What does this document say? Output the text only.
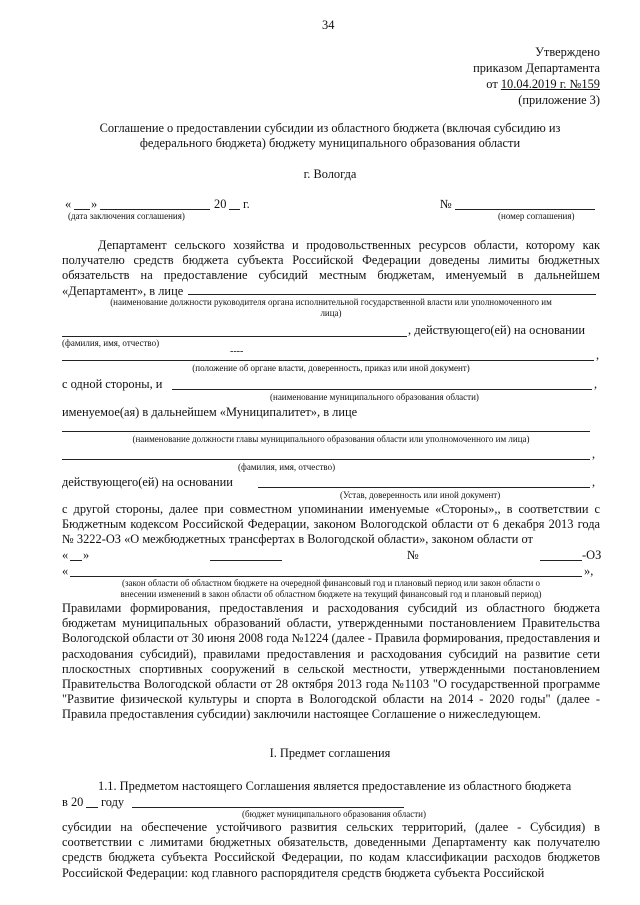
34
Утверждено
приказом Департамента
от 10.04.2019 г. №159
(приложение 3)
Соглашение о предоставлении субсидии из областного бюджета (включая субсидию из
федерального бюджета) бюджету муниципального образования области
г. Вологда
« »	20 г.	№
(дата заключения соглашения)	(номер соглашения)
Департамент сельского хозяйства и продовольственных ресурсов области, которому как получателю средств бюджета субъекта Российской Федерации доведены лимиты бюджетных обязательств на предоставление субсидий местным бюджетам, именуемый в дальнейшем «Департамент», в лице
(наименование должности руководителя органа исполнительной государственной власти или уполномоченного им
лица)
, действующего(ей) на основании
(фамилия, имя, отчество)
----	,
(положение об органе власти, доверенность, приказ или иной документ)
с одной стороны, и	,
(наименование муниципального образования области)
именуемое(ая) в дальнейшем «Муниципалитет», в лице
(наименование должности главы муниципального образования области или уполномоченного им лица)
,
(фамилия, имя, отчество)
действующего(ей) на основании	,
(Устав, доверенность или иной документ)
с другой стороны, далее при совместном упоминании именуемые «Стороны»,, в соответствии с Бюджетным кодексом Российской Федерации, законом Вологодской области от 6 декабря 2013 года № 3222-ОЗ «О межбюджетных трансфертах в Вологодской области», законом области от
« »	№	-ОЗ
«	»,
(закон области об областном бюджете на очередной финансовый год и плановый период или закон области о
внесении изменений в закон области об областном бюджете на текущий финансовый год и плановый период)
Правилами формирования, предоставления и расходования субсидий из областного бюджета бюджетам муниципальных образований области, утвержденными постановлением Правительства Вологодской области от 30 июня 2008 года №1224 (далее - Правила формирования, предоставления и расходования субсидий), правилами предоставления и расходования субсидий на развитие сети плоскостных спортивных сооружений в сельской местности, утвержденными постановлением Правительства Вологодской области от 28 октября 2013 года №1103 "О государственной программе "Развитие физической культуры и спорта в Вологодской области на 2014 - 2020 годы" (далее - Правила предоставления субсидии) заключили настоящее Соглашение о нижеследующем.
I. Предмет соглашения
1.1. Предметом настоящего Соглашения является предоставление из областного бюджета
в 20 году
(бюджет муниципального образования области)
субсидии на обеспечение устойчивого развития сельских территорий, (далее - Субсидия) в соответствии с лимитами бюджетных обязательств, доведенными Департаменту как получателю средств бюджета субъекта Российской Федерации, по кодам классификации расходов бюджетов Российской Федерации: код главного распорядителя средств бюджета субъекта Российской
